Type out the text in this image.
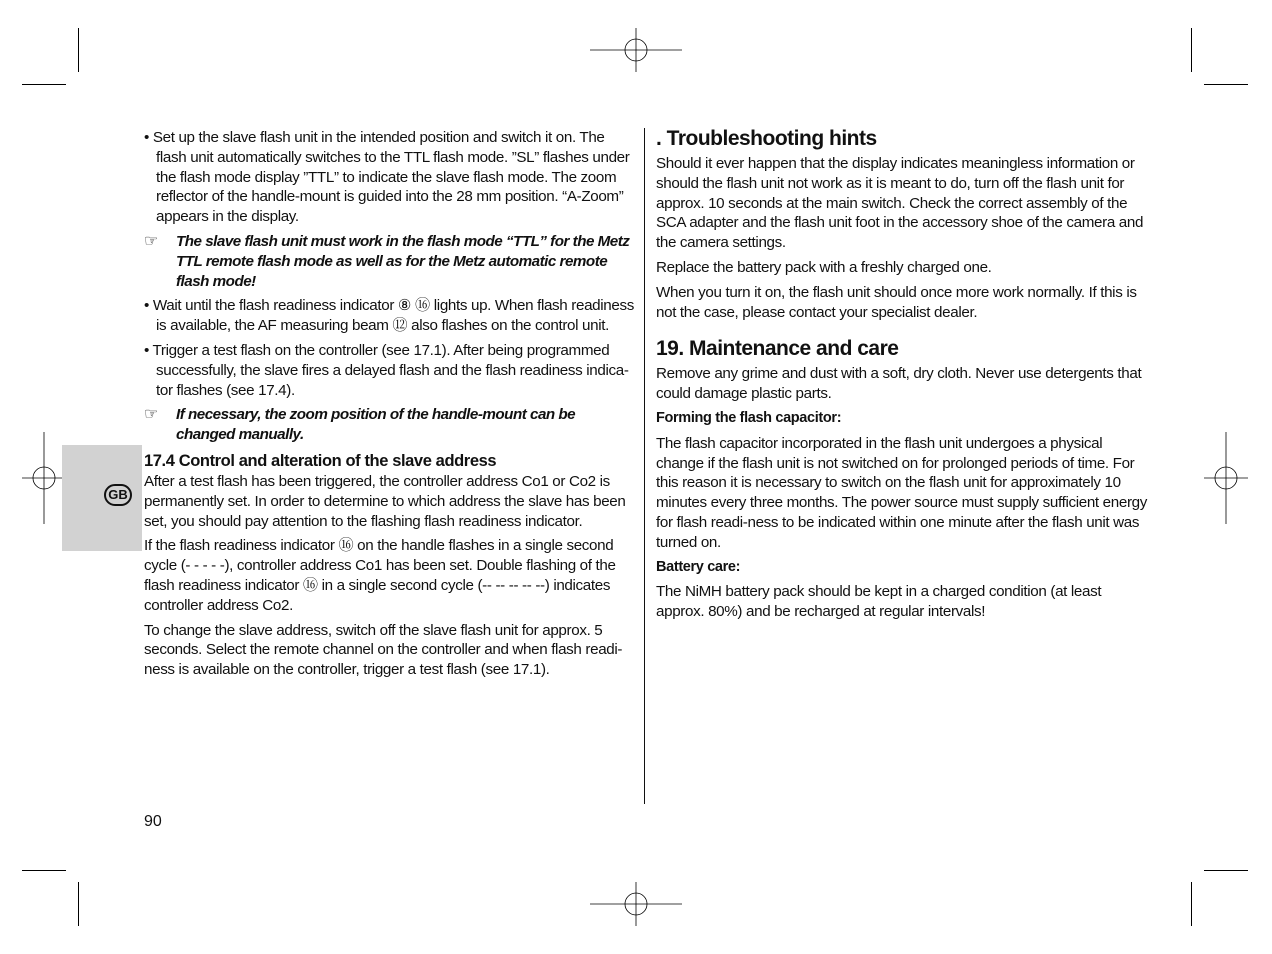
GB
• Set up the slave flash unit in the intended position and switch it on. The flash unit automatically switches to the TTL flash mode. ”SL” flashes under the flash mode display ”TTL” to indicate the slave flash mode. The zoom reflector of the handle-mount is guided into the 28 mm position. “A-Zoom” appears in the display.
☞ The slave flash unit must work in the flash mode “TTL” for the Metz TTL remote flash mode as well as for the Metz automatic remote flash mode!
• Wait until the flash readiness indicator ⑧ ⑯ lights up. When flash readiness is available, the AF measuring beam ⑫ also flashes on the control unit.
• Trigger a test flash on the controller (see 17.1). After being programmed successfully, the slave fires a delayed flash and the flash readiness indica-tor flashes (see 17.4).
☞ If necessary, the zoom position of the handle-mount can be changed manually.
17.4 Control and alteration of the slave address

After a test flash has been triggered, the controller address Co1 or Co2 is permanently set. In order to determine to which address the slave has been set, you should pay attention to the flashing flash readiness indicator.

If the flash readiness indicator ⑯ on the handle flashes in a single second cycle (- - - - -), controller address Co1 has been set. Double flashing of the flash readiness indicator ⑯ in a single second cycle (-- -- -- -- --) indicates controller address Co2.

To change the slave address, switch off the slave flash unit for approx. 5 seconds. Select the remote channel on the controller and when flash readi-ness is available on the controller, trigger a test flash (see 17.1).

. Troubleshooting hints

Should it ever happen that the display indicates meaningless information or should the flash unit not work as it is meant to do, turn off the flash unit for approx. 10 seconds at the main switch. Check the correct assembly of the SCA adapter and the flash unit foot in the accessory shoe of the camera and the camera settings.

Replace the battery pack with a freshly charged one.

When you turn it on, the flash unit should once more work normally. If this is not the case, please contact your specialist dealer.

19. Maintenance and care

Remove any grime and dust with a soft, dry cloth. Never use detergents that could damage plastic parts.

Forming the flash capacitor:

The flash capacitor incorporated in the flash unit undergoes a physical change if the flash unit is not switched on for prolonged periods of time. For this reason it is necessary to switch on the flash unit for approximately 10 minutes every three months. The power source must supply sufficient energy for flash readi-ness to be indicated within one minute after the flash unit was turned on.

Battery care:

The NiMH battery pack should be kept in a charged condition (at least approx. 80%) and be recharged at regular intervals!

90
